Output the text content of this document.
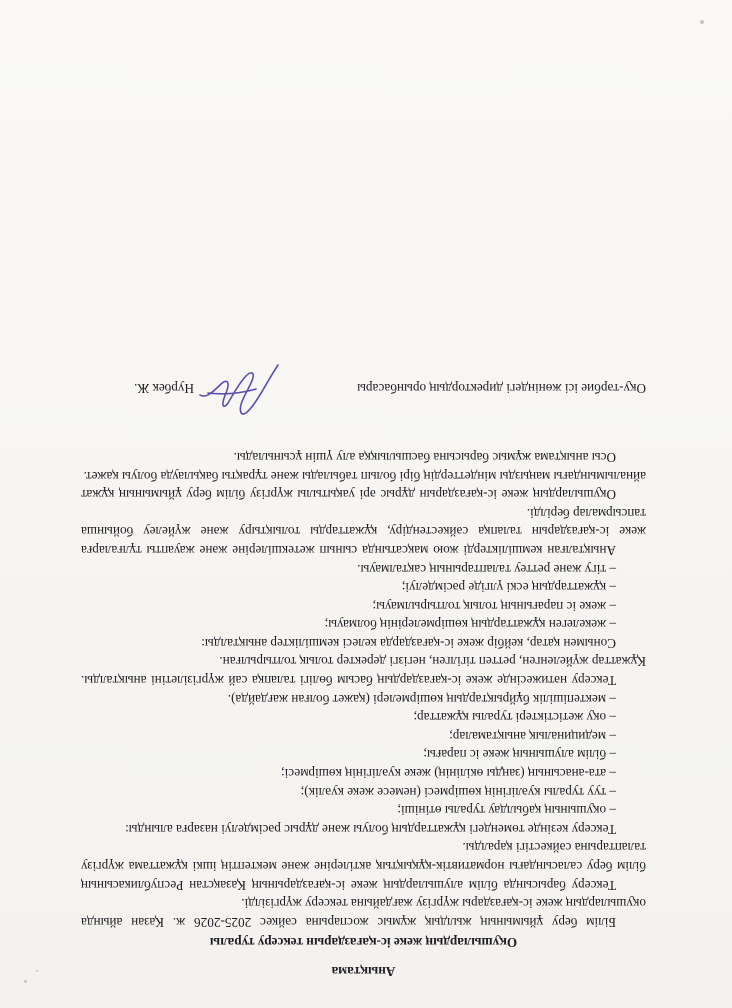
Анықтама

Оқушылардың жеке іс-қағаздарын тексеру туралы

Білім беру ұйымының жылдық жұмыс жоспарына сәйкес 2025-2026 ж. Қазан айында оқушылардың жеке іс-қағаздары жүргізу жағдайына тексеру жүргізілді.

Тексеру барысында білім алушылардың жеке іс-қағаздарының Қазақстан Республикасының білім беру саласындағы нормативтік-құқықтық актілеріне және мектептің ішкі құжаттама жүргізу талаптарына сәйкестігі қаралды.

Тексеру кезінде төмендегі құжаттардың болуы және дұрыс рәсімделуі назарға алынды:

– оқушының қабылдау туралы өтініші;

– туу туралы куәлігінің көшірмесі (немесе жеке куәлік);

– ата-анасының (заңды өкілінің) жеке куәлігінің көшірмесі;

– білім алушының жеке іс парағы;

– медициналық анықтамалар;

– оқу жетістіктері туралы құжаттар;

– мектепішілік бұйрықтардың көшірмелері (қажет болған жағдайда).

Тексеру нәтижесінде жеке іс-қағаздардың басым бөлігі талапқа сай жүргізілетіні анықталды. Құжаттар жүйеленген, реттеп тігілген, негізгі деректер толық толтырылған.

Сонымен қатар, кейбір жеке іс-қағаздарда келесі кемшіліктер анықталды:

– жекелеген құжаттардың көшірмелерінің болмауы;

– жеке іс парағының толық толтырылмауы;

– құжаттардың ескі үлгіде рәсімделуі;

– тігу және реттеу талаптарының сақталмауы.

Анықталған кемшіліктерді жою мақсатында сынып жетекшілеріне және жауапты тұлғаларға жеке іс-қағаздарын талапқа сәйкестендіру, құжаттарды толықтыру және жүйелеу бойынша тапсырмалар берілді.

Оқушылардың жеке іс-қағаздарын дұрыс әрі уақытылы жүргізу білім беру ұйымының құжат айналымындағы маңызды міндеттердің бірі болып табылады және тұрақты бақылауда болуы қажет.

Осы анықтама жұмыс барысына басшылыққа алу үшін ұсынылады.

Оқу-тәрбие ісі жөніндегі директордың орынбасары
Нурбек Ж.
